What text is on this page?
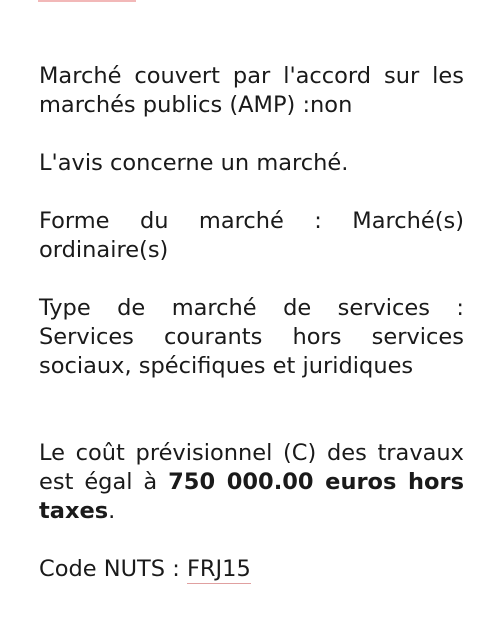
Marché couvert par l'accord sur les marchés publics (AMP) :non

L'avis concerne un marché.

Forme du marché : Marché(s) ordinaire(s)

Type de marché de services : Services courants hors services sociaux, spécifiques et juridiques

Le coût prévisionnel (C) des travaux est égal à 750 000.00 euros hors taxes.

Code NUTS : FRJ15
